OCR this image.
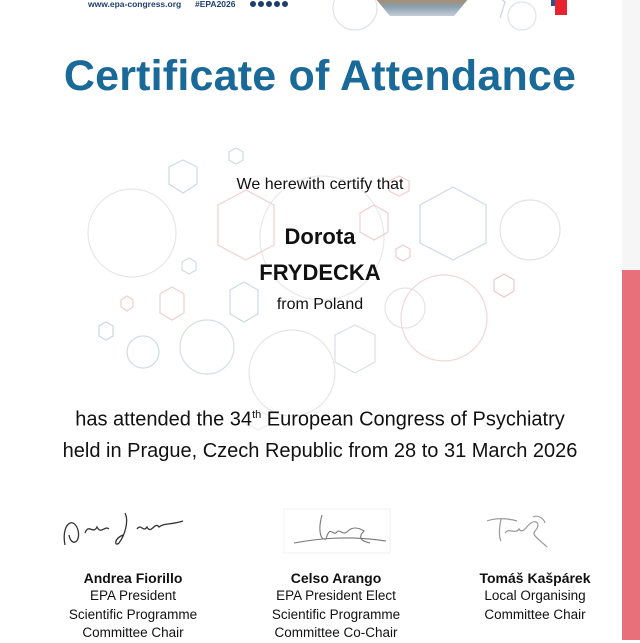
www.epa-congress.org #EPA2026
Certificate of Attendance
We herewith certify that
Dorota
FRYDECKA
from Poland
has attended the 34th European Congress of Psychiatry
held in Prague, Czech Republic from 28 to 31 March 2026
Andrea Fiorillo
EPA President
Scientific Programme
Committee Chair
Celso Arango
EPA President Elect
Scientific Programme
Committee Co-Chair
Tomáš Kašpárek
Local Organising
Committee Chair
